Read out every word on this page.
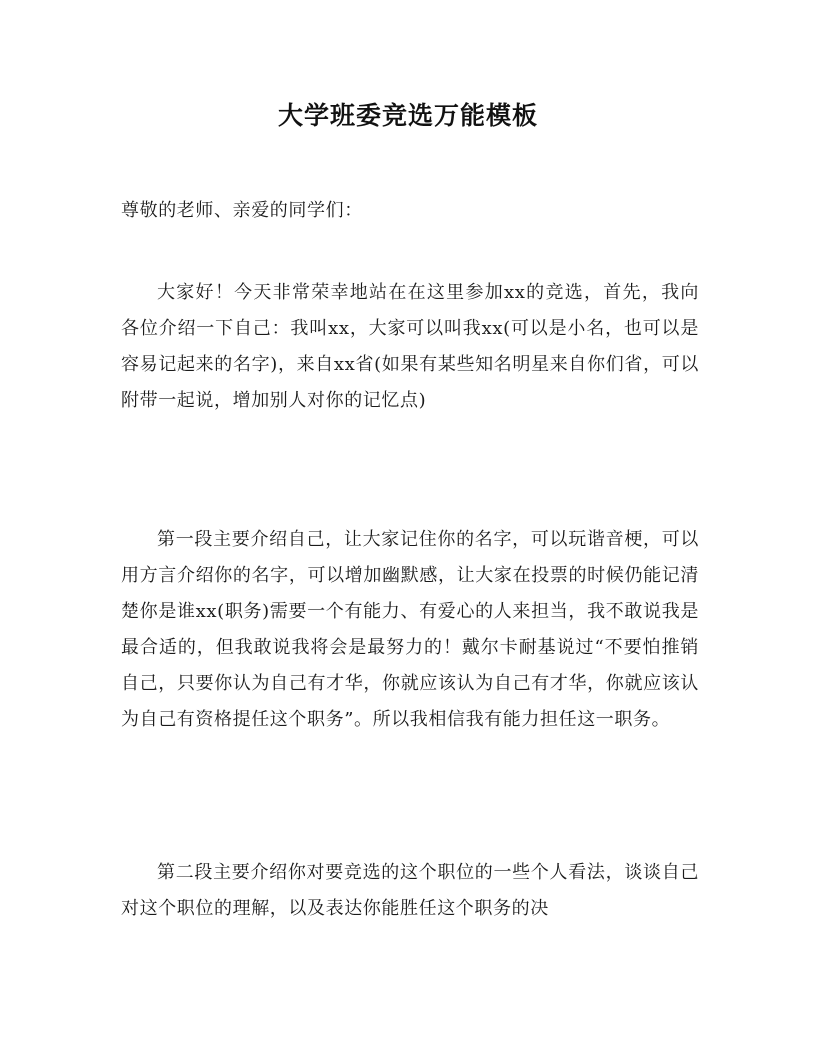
大学班委竞选万能模板

尊敬的老师、亲爱的同学们：

大家好！今天非常荣幸地站在在这里参加xx的竞选，首先，我向各位介绍一下自己：我叫xx，大家可以叫我xx(可以是小名，也可以是容易记起来的名字)，来自xx省(如果有某些知名明星来自你们省，可以附带一起说，增加别人对你的记忆点)

第一段主要介绍自己，让大家记住你的名字，可以玩谐音梗，可以用方言介绍你的名字，可以增加幽默感，让大家在投票的时候仍能记清楚你是谁xx(职务)需要一个有能力、有爱心的人来担当，我不敢说我是最合适的，但我敢说我将会是最努力的！戴尔卡耐基说过“不要怕推销自己，只要你认为自己有才华，你就应该认为自己有才华，你就应该认为自己有资格提任这个职务”。所以我相信我有能力担任这一职务。

第二段主要介绍你对要竞选的这个职位的一些个人看法，谈谈自己对这个职位的理解，以及表达你能胜任这个职务的决
